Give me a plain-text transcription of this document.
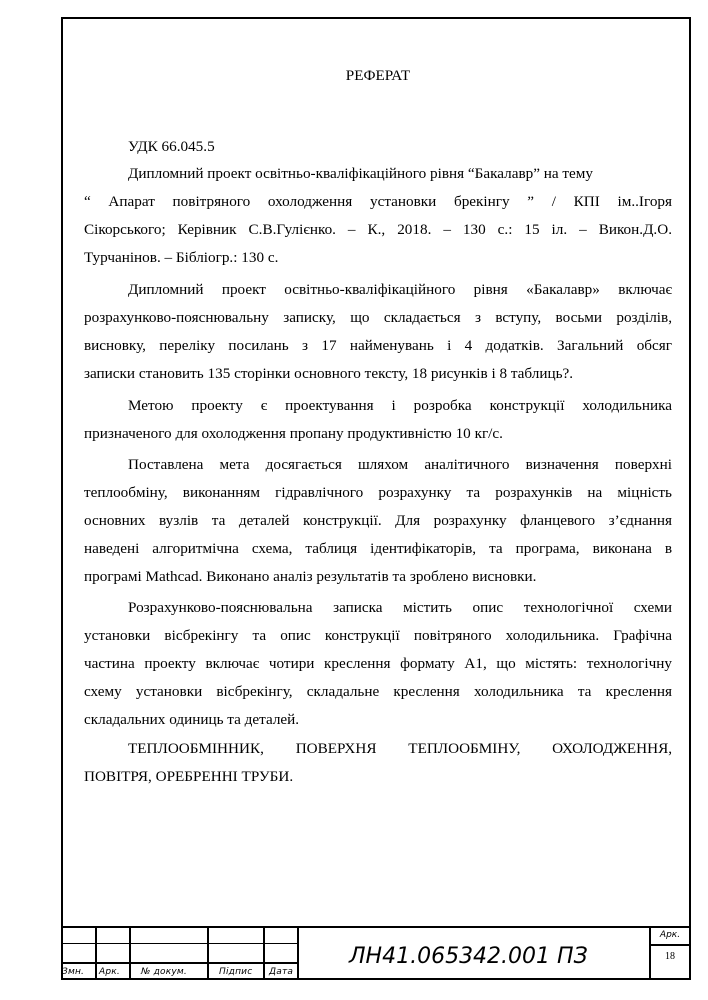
РЕФЕРАТ
УДК 66.045.5
Дипломний проект освітньо-кваліфікаційного рівня “Бакалавр” на тему
“ Апарат повітряного охолодження установки брекінгу ” / КПІ ім..Ігоря
Сікорського; Керівник С.В.Гулієнко. – К., 2018. – 130 с.: 15 іл. – Викон.Д.О.
Турчанінов. – Бібліогр.: 130 с.
Дипломний проект освітньо-кваліфікаційного рівня «Бакалавр» включає
розрахунково-пояснювальну записку, що складається з вступу, восьми розділів,
висновку, переліку посилань з 17 найменувань і 4 додатків. Загальний обсяг
записки становить 135 сторінки основного тексту, 18 рисунків і 8 таблиць?.
Метою проекту є проектування і розробка конструкції холодильника
призначеного для охолодження пропану продуктивністю 10 кг/с.
Поставлена мета досягається шляхом аналітичного визначення поверхні
теплообміну, виконанням гідравлічного розрахунку та розрахунків на міцність
основних вузлів та деталей конструкції. Для розрахунку фланцевого з’єднання
наведені алгоритмічна схема, таблиця ідентифікаторів, та програма, виконана в
програмі Mathcad. Виконано аналіз результатів та зроблено висновки.
Розрахунково-пояснювальна записка містить опис технологічної схеми
установки вісбрекінгу та опис конструкції повітряного холодильника. Графічна
частина проекту включає чотири креслення формату А1, що містять: технологічну
схему установки вісбрекінгу, складальне креслення холодильника та креслення
складальних одиниць та деталей.
ТЕПЛООБМІННИК, ПОВЕРХНЯ ТЕПЛООБМІНУ, ОХОЛОДЖЕННЯ,
ПОВІТРЯ, ОРЕБРЕННІ ТРУБИ.
Змн. Арк. № докум.	Підпис Дата
ЛН41.065342.001 ПЗ
Арк.
18
